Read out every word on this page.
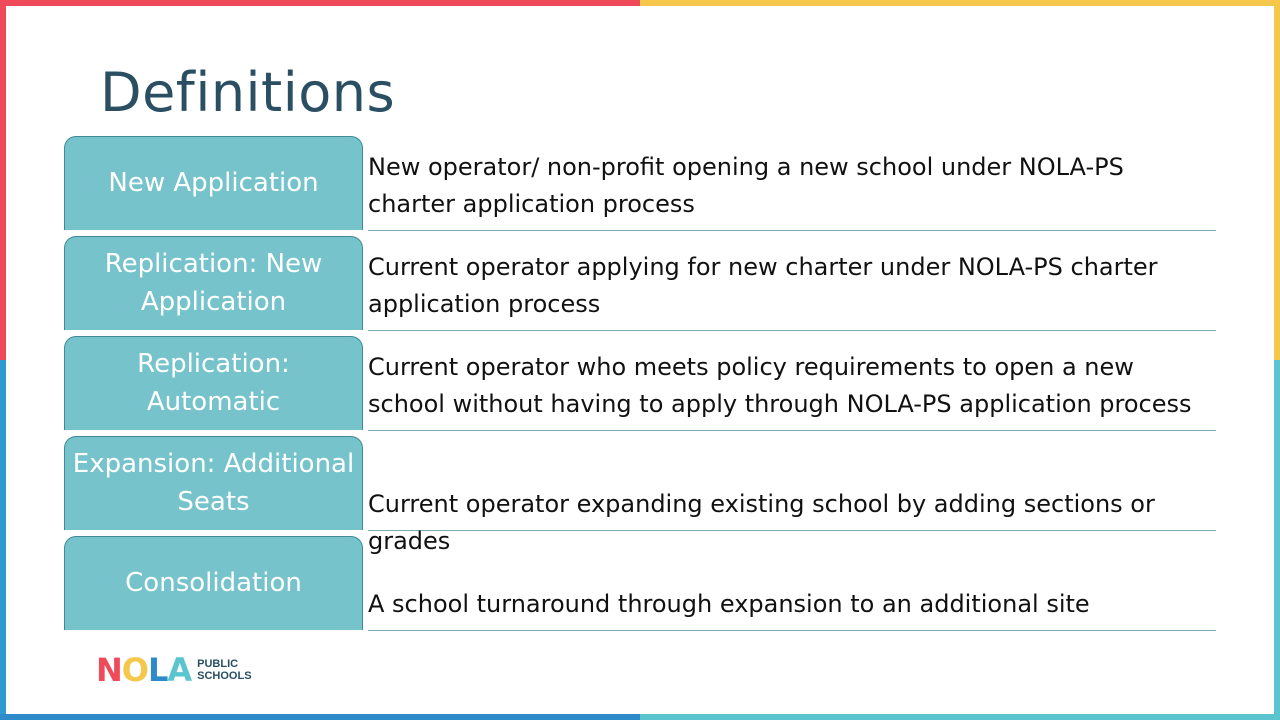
Definitions
New Application
New operator/ non-profit opening a new school under NOLA-PS charter application process
Replication: New Application
Current operator applying for new charter under NOLA-PS charter application process
Replication: Automatic
Current operator who meets policy requirements to open a new school without having to apply through NOLA-PS application process
Expansion: Additional Seats	Current operator expanding existing school by adding sections or grades
Consolidation
A school turnaround through expansion to an additional site
NOLA PUBLIC
SCHOOLS
